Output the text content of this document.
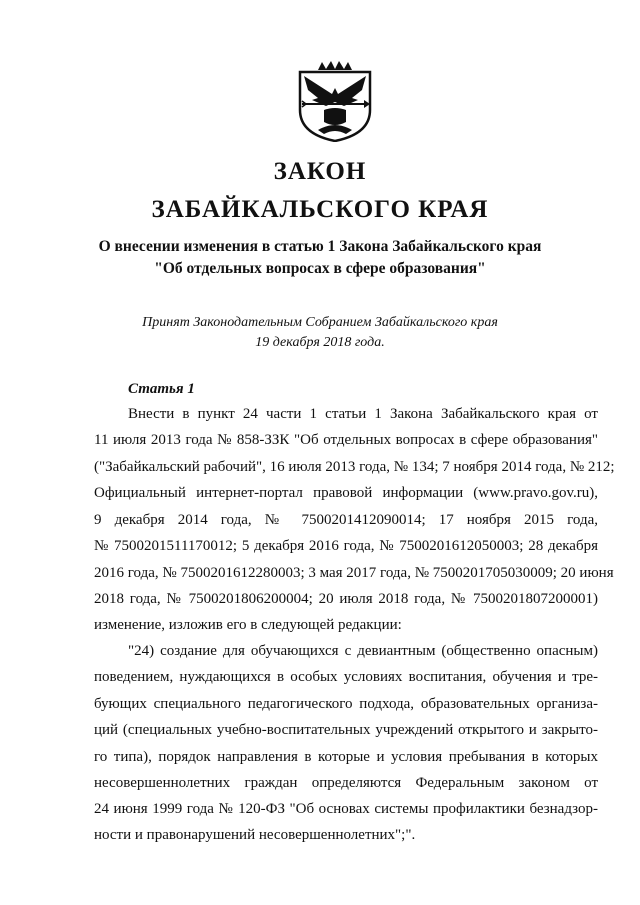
ЗАКОН
ЗАБАЙКАЛЬСКОГО КРАЯ
О внесении изменения в статью 1 Закона Забайкальского края
"Об отдельных вопросах в сфере образования"
Принят Законодательным Собранием Забайкальского края
19 декабря 2018 года.
Статья 1
Внести в пункт 24 части 1 статьи 1 Закона Забайкальского края от
11 июля 2013 года № 858-ЗЗК "Об отдельных вопросах в сфере образования"
("Забайкальский рабочий", 16 июля 2013 года, № 134; 7 ноября 2014 года, № 212;
Официальный интернет-портал правовой информации (www.pravo.gov.ru),
9 декабря 2014 года, № 7500201412090014; 17 ноября 2015 года,
№ 7500201511170012; 5 декабря 2016 года, № 7500201612050003; 28 декабря
2016 года, № 7500201612280003; 3 мая 2017 года, № 7500201705030009; 20 июня
2018 года, № 7500201806200004; 20 июля 2018 года, № 7500201807200001)
изменение, изложив его в следующей редакции:
"24) создание для обучающихся с девиантным (общественно опасным)
поведением, нуждающихся в особых условиях воспитания, обучения и тре-
бующих специального педагогического подхода, образовательных организа-
ций (специальных учебно-воспитательных учреждений открытого и закрыто-
го типа), порядок направления в которые и условия пребывания в которых
несовершеннолетних граждан определяются Федеральным законом от
24 июня 1999 года № 120-ФЗ "Об основах системы профилактики безнадзор-
ности и правонарушений несовершеннолетних";".
